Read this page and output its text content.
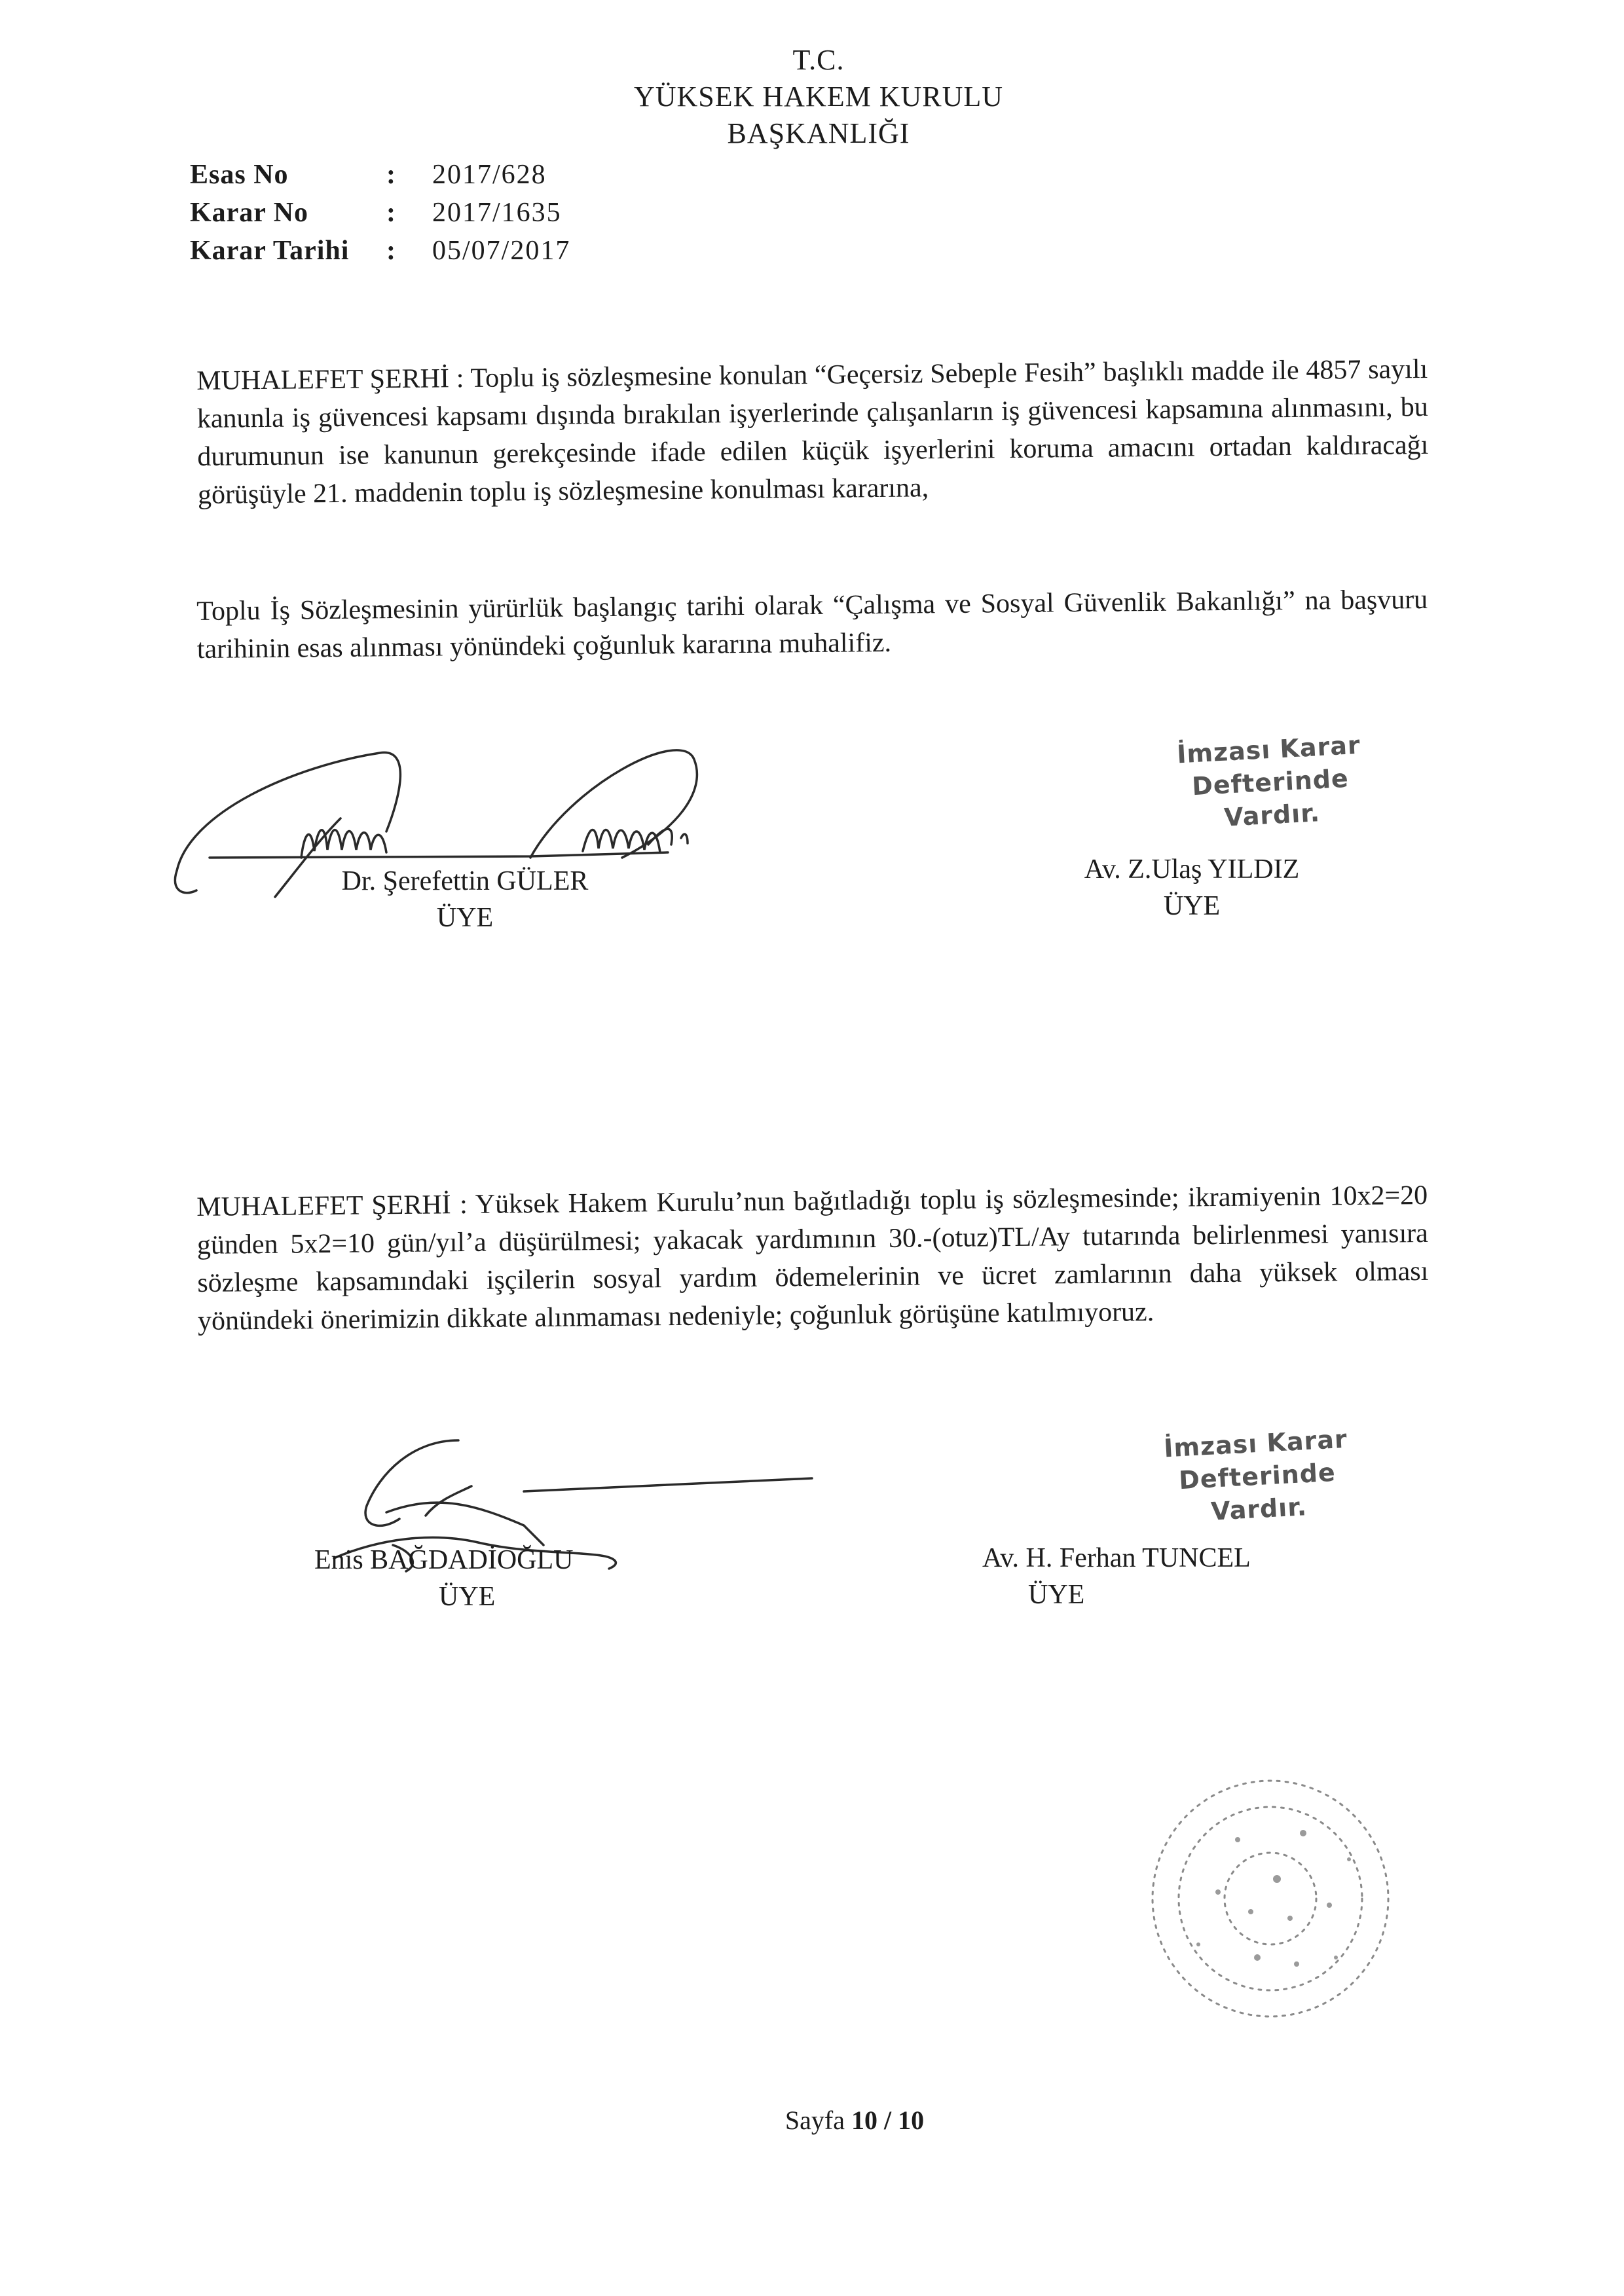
T.C.
YÜKSEK HAKEM KURULU
BAŞKANLIĞI
Esas No	:	2017/628
Karar No	:	2017/1635
Karar Tarihi	:	05/07/2017

MUHALEFET ŞERHİ : Toplu iş sözleşmesine konulan “Geçersiz Sebeple Fesih” başlıklı madde ile 4857 sayılı kanunla iş güvencesi kapsamı dışında bırakılan işyerlerinde çalışanların iş güvencesi kapsamına alınmasını, bu durumunun ise kanunun gerekçesinde ifade edilen küçük işyerlerini koruma amacını ortadan kaldıracağı görüşüyle 21. maddenin toplu iş sözleşmesine konulması kararına,

Toplu İş Sözleşmesinin yürürlük başlangıç tarihi olarak “Çalışma ve Sosyal Güvenlik Bakanlığı” na başvuru tarihinin esas alınması yönündeki çoğunluk kararına muhalifiz.

İmzası Karar Defterinde
Vardır.
Dr. Şerefettin GÜLER
ÜYE
Av. Z.Ulaş YILDIZ
ÜYE

MUHALEFET ŞERHİ : Yüksek Hakem Kurulu’nun bağıtladığı toplu iş sözleşmesinde; ikramiyenin 10x2=20 günden 5x2=10 gün/yıl’a düşürülmesi; yakacak yardımının 30.-(otuz)TL/Ay tutarında belirlenmesi yanısıra sözleşme kapsamındaki işçilerin sosyal yardım ödemelerinin ve ücret zamlarının daha yüksek olması yönündeki önerimizin dikkate alınmaması nedeniyle; çoğunluk görüşüne katılmıyoruz.

İmzası Karar Defterinde
Vardır.
Enis BAĞDADİOĞLU
ÜYE
Av. H. Ferhan TUNCEL
ÜYE
Sayfa 10 / 10
